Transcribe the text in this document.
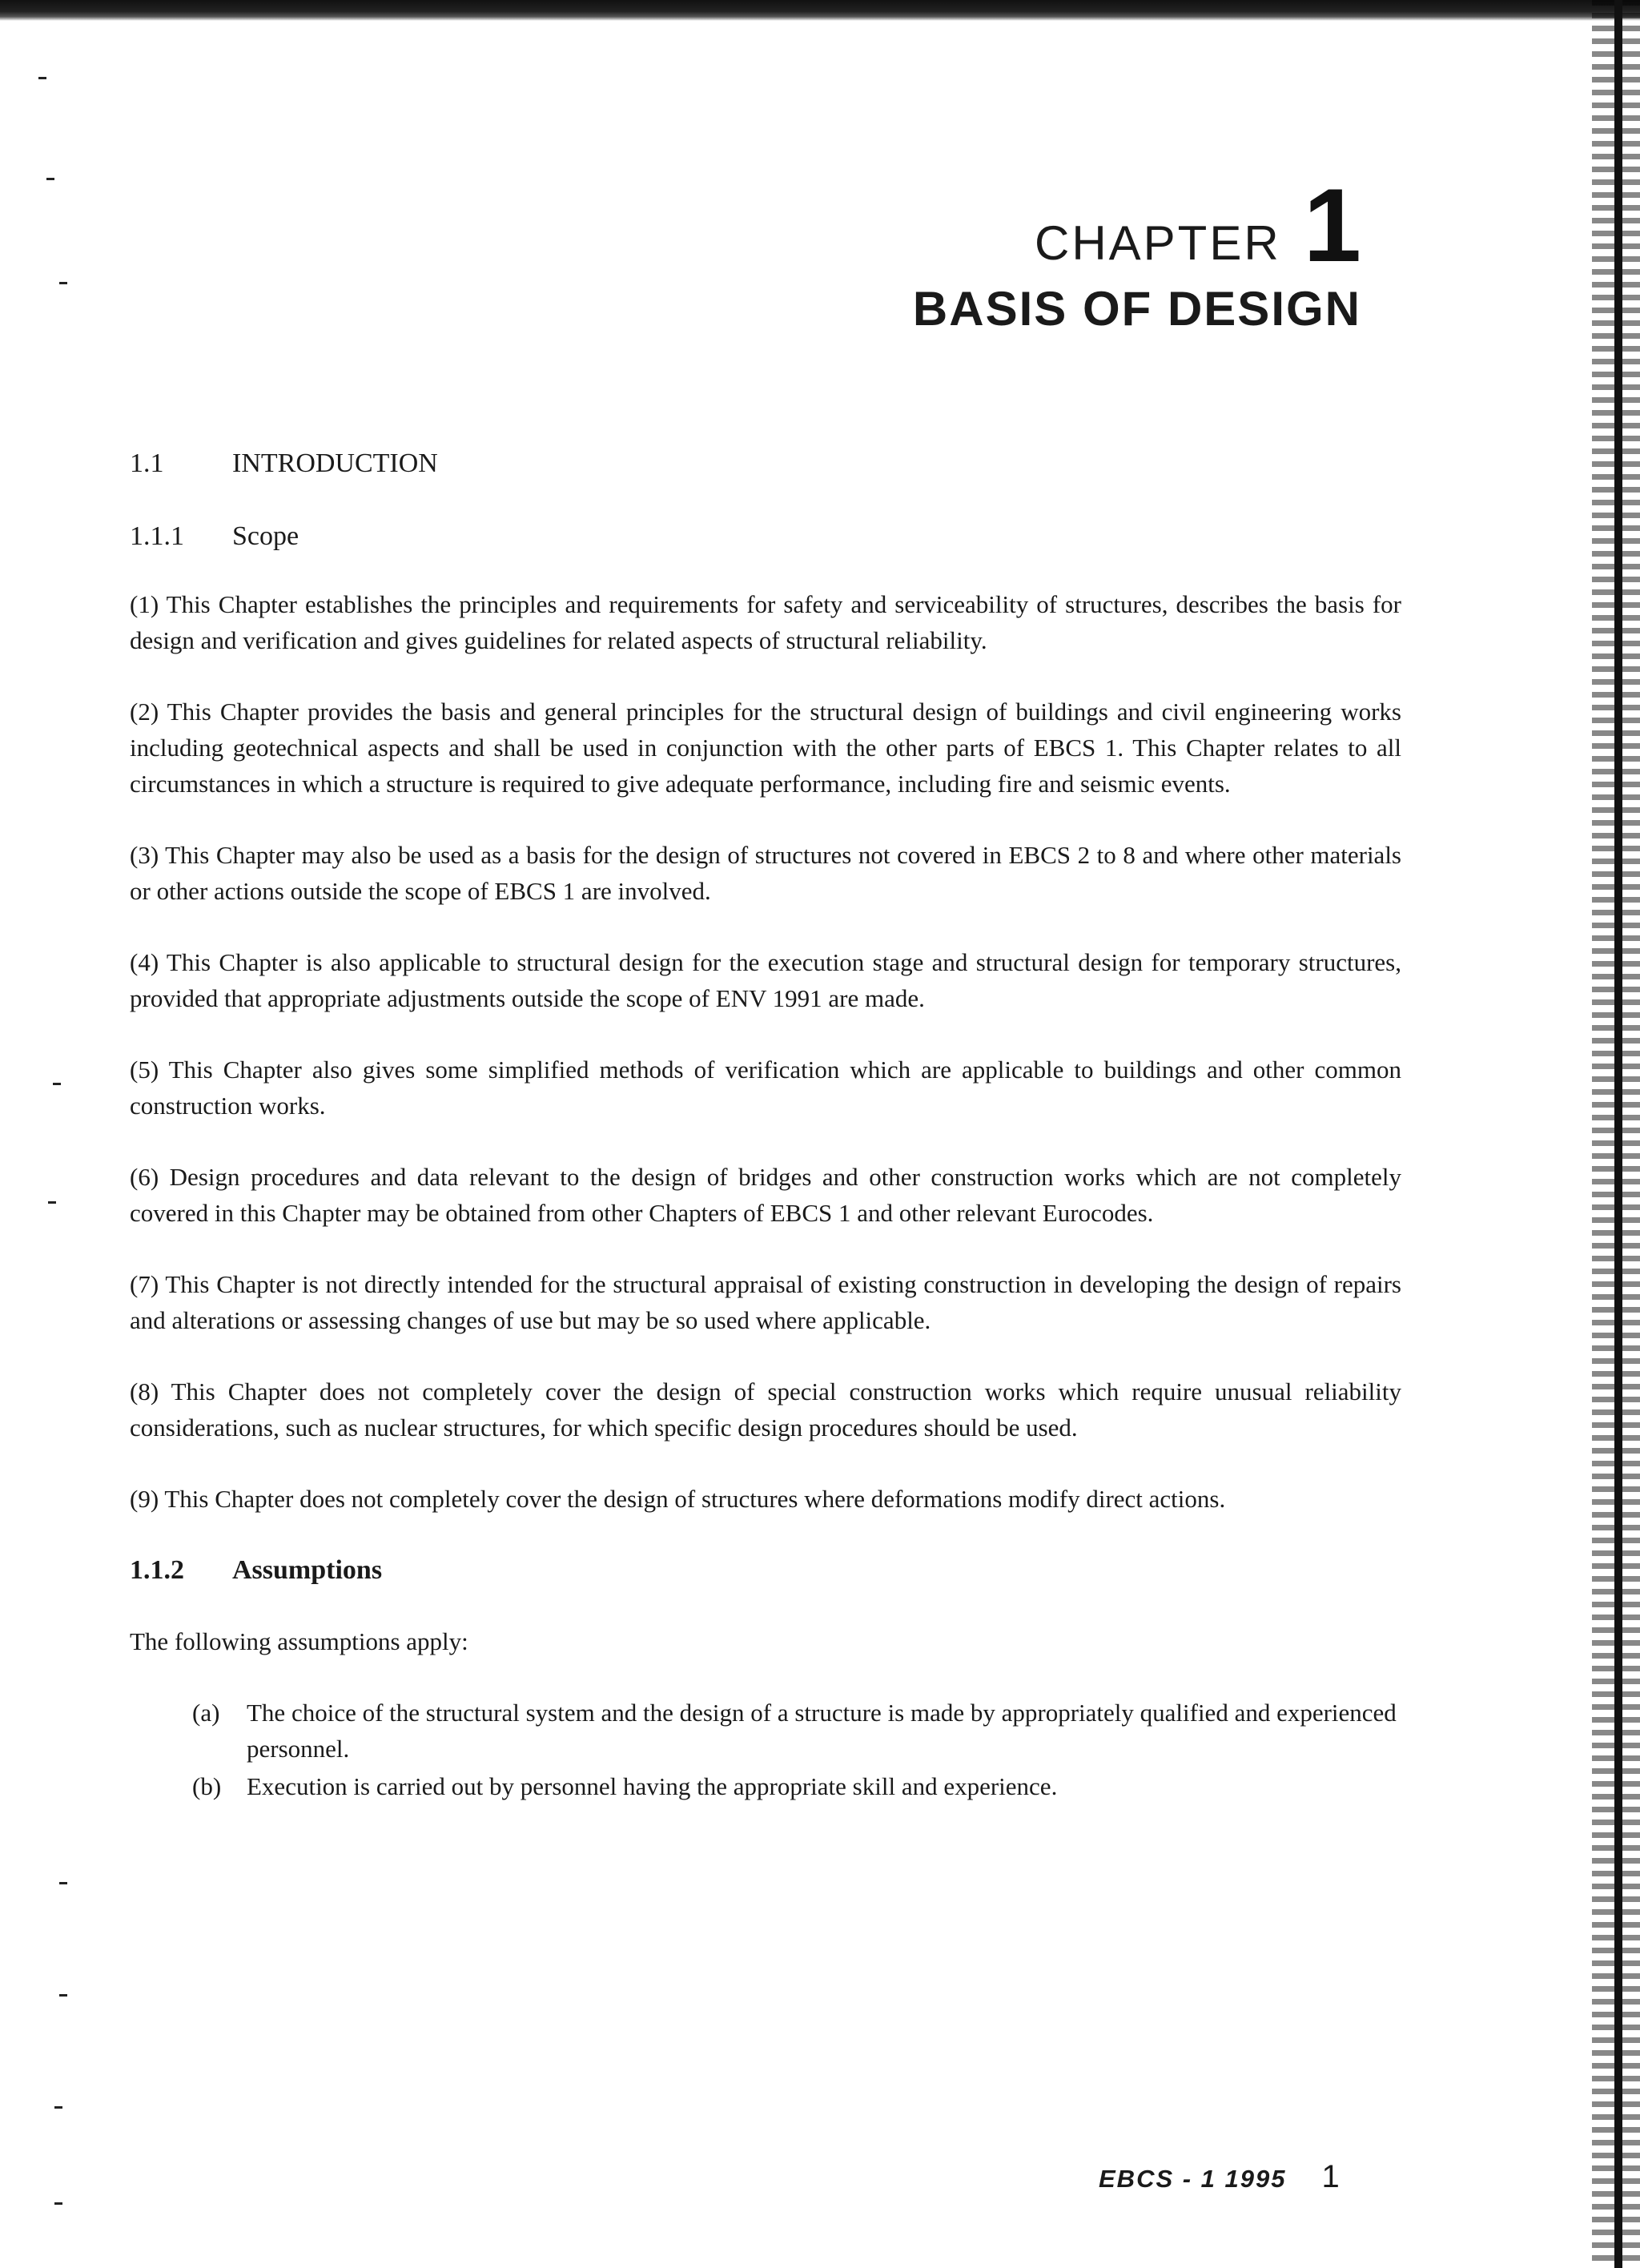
CHAPTER 1
BASIS OF DESIGN
1.1	INTRODUCTION
1.1.1	Scope

(1) This Chapter establishes the principles and requirements for safety and serviceability of structures, describes the basis for design and verification and gives guidelines for related aspects of structural reliability.

(2) This Chapter provides the basis and general principles for the structural design of buildings and civil engineering works including geotechnical aspects and shall be used in conjunction with the other parts of EBCS 1. This Chapter relates to all circumstances in which a structure is required to give adequate performance, including fire and seismic events.

(3) This Chapter may also be used as a basis for the design of structures not covered in EBCS 2 to 8 and where other materials or other actions outside the scope of EBCS 1 are involved.

(4) This Chapter is also applicable to structural design for the execution stage and structural design for temporary structures, provided that appropriate adjustments outside the scope of ENV 1991 are made.

(5) This Chapter also gives some simplified methods of verification which are applicable to buildings and other common construction works.

(6) Design procedures and data relevant to the design of bridges and other construction works which are not completely covered in this Chapter may be obtained from other Chapters of EBCS 1 and other relevant Eurocodes.

(7) This Chapter is not directly intended for the structural appraisal of existing construction in developing the design of repairs and alterations or assessing changes of use but may be so used where applicable.

(8) This Chapter does not completely cover the design of special construction works which require unusual reliability considerations, such as nuclear structures, for which specific design procedures should be used.

(9) This Chapter does not completely cover the design of structures where deformations modify direct actions.

1.1.2	Assumptions

The following assumptions apply:

(a)	The choice of the structural system and the design of a structure is made by appropriately qualified and experienced personnel.
(b)	Execution is carried out by personnel having the appropriate skill and experience.
EBCS - 1 1995 1
